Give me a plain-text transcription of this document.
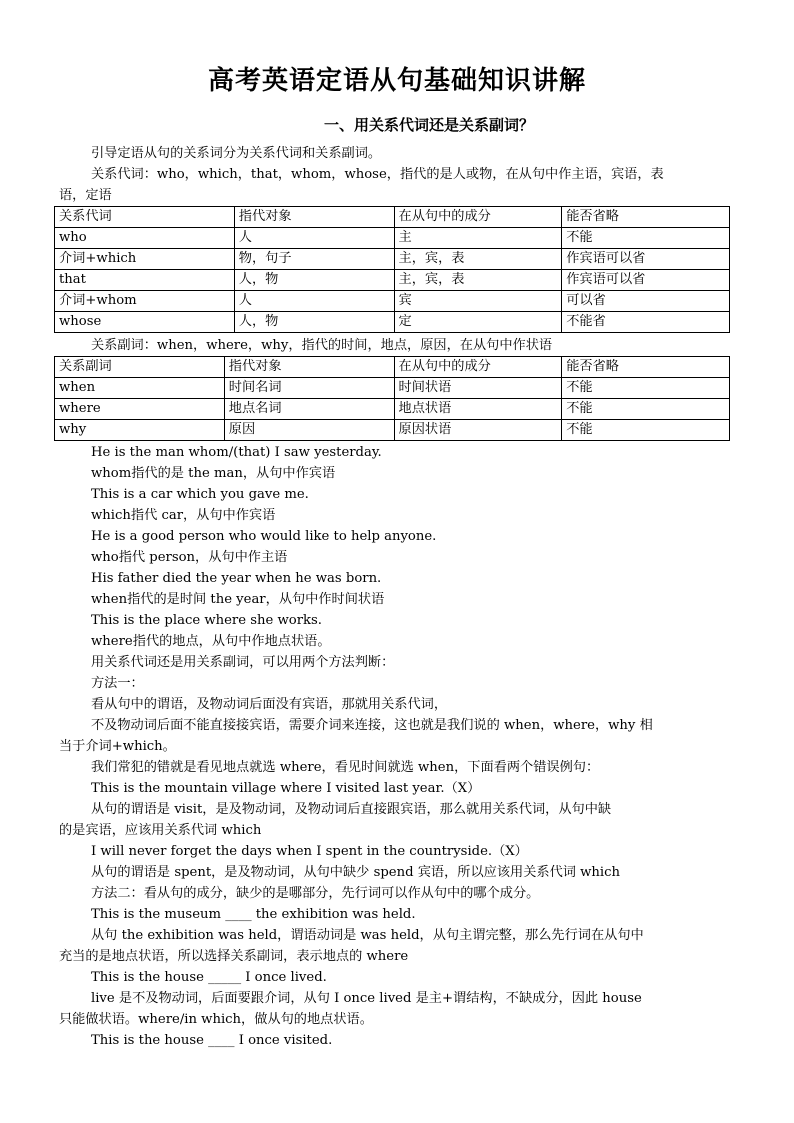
高考英语定语从句基础知识讲解
一、用关系代词还是关系副词？
引导定语从句的关系词分为关系代词和关系副词。
关系代词：who，which，that，whom，whose，指代的是人或物，在从句中作主语，宾语，表
语，定语
关系代词	指代对象	在从句中的成分	能否省略
who	人	主	不能
介词+which	物，句子	主，宾，表	作宾语可以省
that	人，物	主，宾，表	作宾语可以省
介词+whom	人	宾	可以省
whose	人，物	定	不能省
关系副词：when，where，why，指代的时间，地点，原因，在从句中作状语
关系副词	指代对象	在从句中的成分	能否省略
when	时间名词	时间状语	不能
where	地点名词	地点状语	不能
why	原因	原因状语	不能
He is the man whom/(that) I saw yesterday.
whom指代的是 the man，从句中作宾语
This is a car which you gave me.
which指代 car，从句中作宾语
He is a good person who would like to help anyone.
who指代 person，从句中作主语
His father died the year when he was born.
when指代的是时间 the year，从句中作时间状语
This is the place where she works.
where指代的地点，从句中作地点状语。
用关系代词还是用关系副词，可以用两个方法判断：
方法一：
看从句中的谓语，及物动词后面没有宾语，那就用关系代词，
不及物动词后面不能直接接宾语，需要介词来连接，这也就是我们说的 when，where，why 相
当于介词+which。
我们常犯的错就是看见地点就选 where，看见时间就选 when，下面看两个错误例句：
This is the mountain village where I visited last year.（X）
从句的谓语是 visit，是及物动词，及物动词后直接跟宾语，那么就用关系代词，从句中缺
的是宾语，应该用关系代词 which
I will never forget the days when I spent in the countryside.（X）
从句的谓语是 spent，是及物动词，从句中缺少 spend 宾语，所以应该用关系代词 which
方法二：看从句的成分，缺少的是哪部分，先行词可以作从句中的哪个成分。
This is the museum ____ the exhibition was held.
从句 the exhibition was held，谓语动词是 was held，从句主谓完整，那么先行词在从句中
充当的是地点状语，所以选择关系副词，表示地点的 where
This is the house _____ I once lived.
live 是不及物动词，后面要跟介词，从句 I once lived 是主+谓结构，不缺成分，因此 house
只能做状语。where/in which，做从句的地点状语。
This is the house ____ I once visited.
